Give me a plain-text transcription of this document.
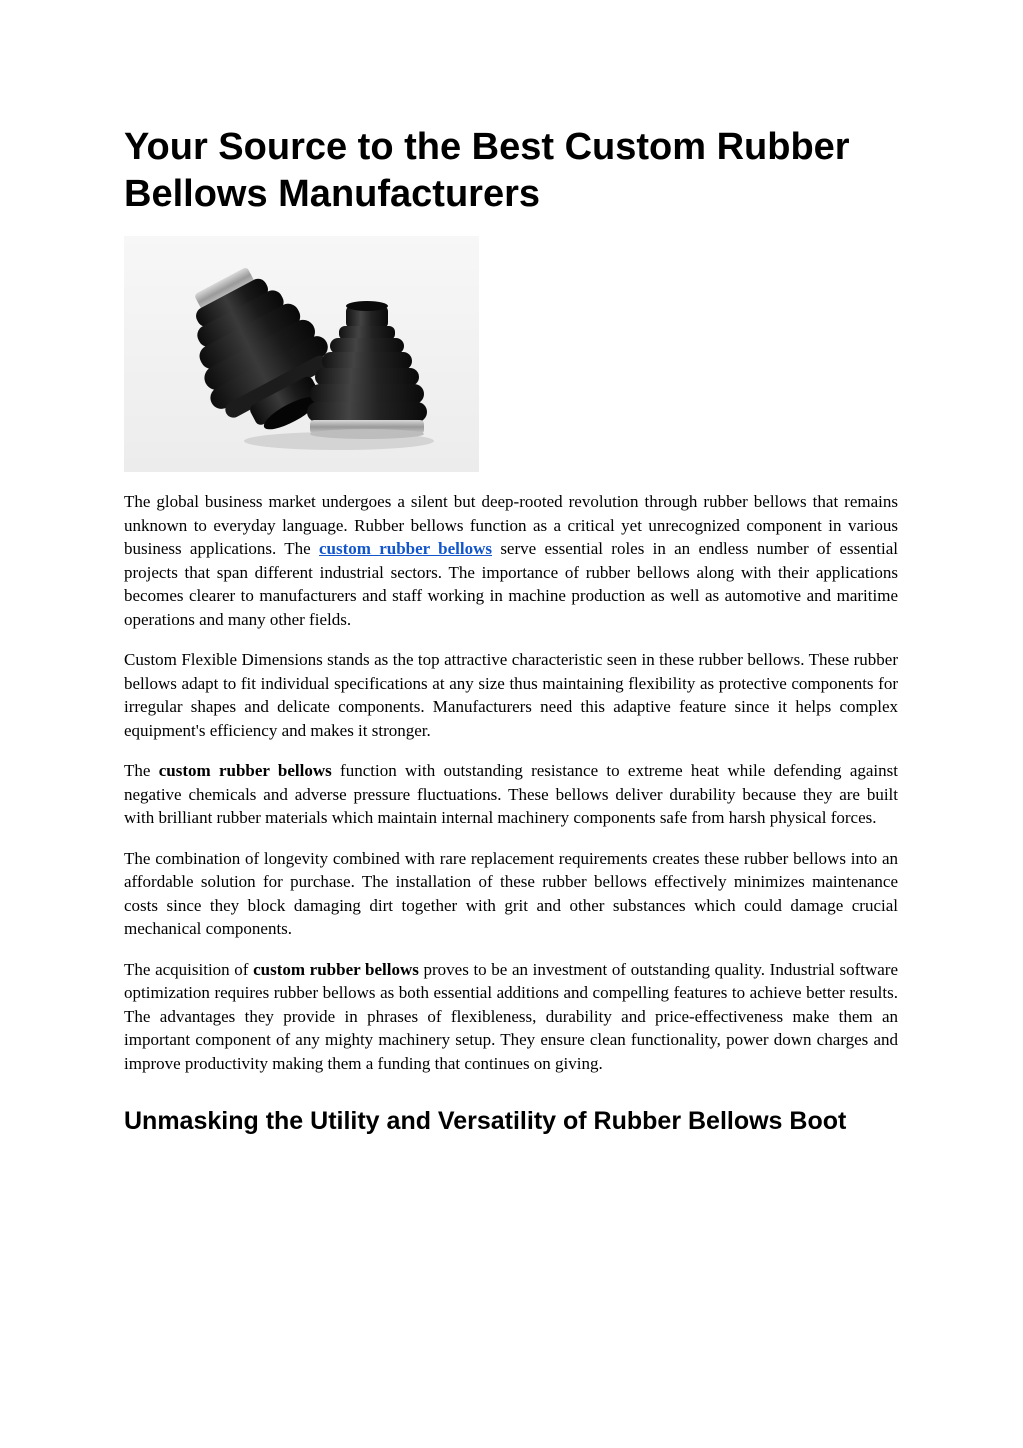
Your Source to the Best Custom Rubber Bellows Manufacturers

The global business market undergoes a silent but deep-rooted revolution through rubber bellows that remains unknown to everyday language. Rubber bellows function as a critical yet unrecognized component in various business applications. The custom rubber bellows serve essential roles in an endless number of essential projects that span different industrial sectors. The importance of rubber bellows along with their applications becomes clearer to manufacturers and staff working in machine production as well as automotive and maritime operations and many other fields.

Custom Flexible Dimensions stands as the top attractive characteristic seen in these rubber bellows. These rubber bellows adapt to fit individual specifications at any size thus maintaining flexibility as protective components for irregular shapes and delicate components. Manufacturers need this adaptive feature since it helps complex equipment's efficiency and makes it stronger.

The custom rubber bellows function with outstanding resistance to extreme heat while defending against negative chemicals and adverse pressure fluctuations. These bellows deliver durability because they are built with brilliant rubber materials which maintain internal machinery components safe from harsh physical forces.

The combination of longevity combined with rare replacement requirements creates these rubber bellows into an affordable solution for purchase. The installation of these rubber bellows effectively minimizes maintenance costs since they block damaging dirt together with grit and other substances which could damage crucial mechanical components.

The acquisition of custom rubber bellows proves to be an investment of outstanding quality. Industrial software optimization requires rubber bellows as both essential additions and compelling features to achieve better results. The advantages they provide in phrases of flexibleness, durability and price-effectiveness make them an important component of any mighty machinery setup. They ensure clean functionality, power down charges and improve productivity making them a funding that continues on giving.

Unmasking the Utility and Versatility of Rubber Bellows Boot
